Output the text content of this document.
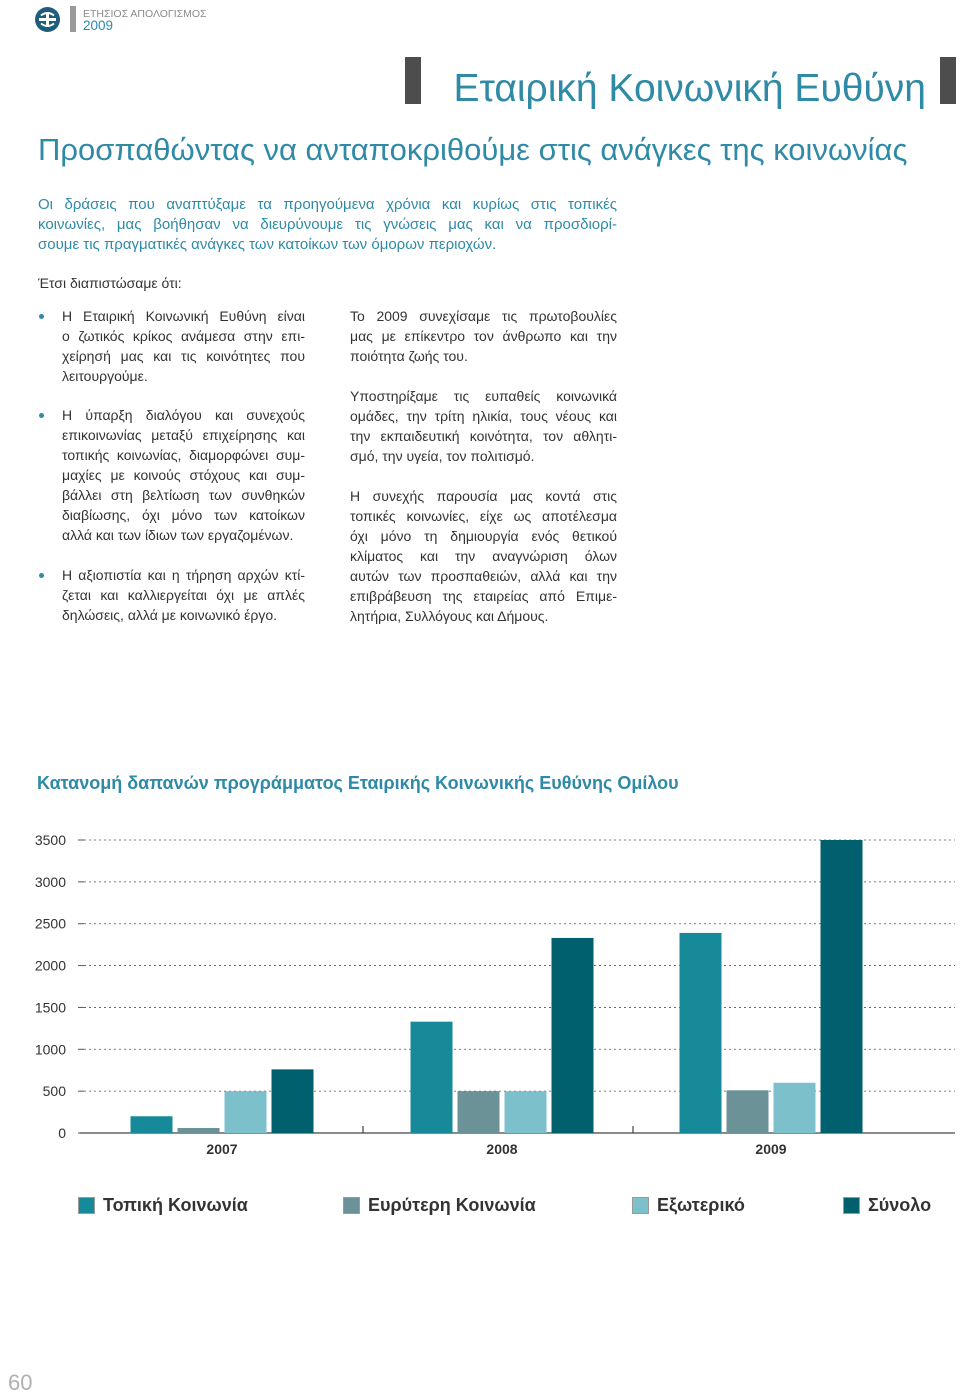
ΕΤΗΣΙΟΣ ΑΠΟΛΟΓΙΣΜΟΣ
2009
Εταιρική Κοινωνική Ευθύνη
Προσπαθώντας να ανταποκριθούμε στις ανάγκες της κοινωνίας
Οι δράσεις που αναπτύξαμε τα προηγούμενα χρόνια και κυρίως στις τοπικές
κοινωνίες, μας βοήθησαν να διευρύνουμε τις γνώσεις μας και να προσδιορί-
σουμε τις πραγματικές ανάγκες των κατοίκων των όμορων περιοχών.
Έτσι διαπιστώσαμε ότι:
Η Εταιρική Κοινωνική Ευθύνη είναι
ο ζωτικός κρίκος ανάμεσα στην επι-
χείρησή μας και τις κοινότητες που
λειτουργούμε.
Η ύπαρξη διαλόγου και συνεχούς
επικοινωνίας μεταξύ επιχείρησης και
τοπικής κοινωνίας, διαμορφώνει συμ-
μαχίες με κοινούς στόχους και συμ-
βάλλει στη βελτίωση των συνθηκών
διαβίωσης, όχι μόνο των κατοίκων
αλλά και των ίδιων των εργαζομένων.
Η αξιοπιστία και η τήρηση αρχών κτί-
ζεται και καλλιεργείται όχι με απλές
δηλώσεις, αλλά με κοινωνικό έργο.
Το 2009 συνεχίσαμε τις πρωτοβουλίες
μας με επίκεντρο τον άνθρωπο και την
ποιότητα ζωής του.
Υποστηρίξαμε τις ευπαθείς κοινωνικά
ομάδες, την τρίτη ηλικία, τους νέους και
την εκπαιδευτική κοινότητα, τον αθλητι-
σμό, την υγεία, τον πολιτισμό.
Η συνεχής παρουσία μας κοντά στις
τοπικές κοινωνίες, είχε ως αποτέλεσμα
όχι μόνο τη δημιουργία ενός θετικού
κλίματος και την αναγνώριση όλων
αυτών των προσπαθειών, αλλά και την
επιβράβευση της εταιρείας από Επιμε-
λητήρια, Συλλόγους και Δήμους.
Κατανομή δαπανών προγράμματος Εταιρικής Κοινωνικής Ευθύνης Ομίλου
0
500
1000
1500
2000
2500
3000
3500
2007	2008	2009
Τοπική Κοινωνία	Ευρύτερη Κοινωνία	Εξωτερικό	Σύνολο
60
